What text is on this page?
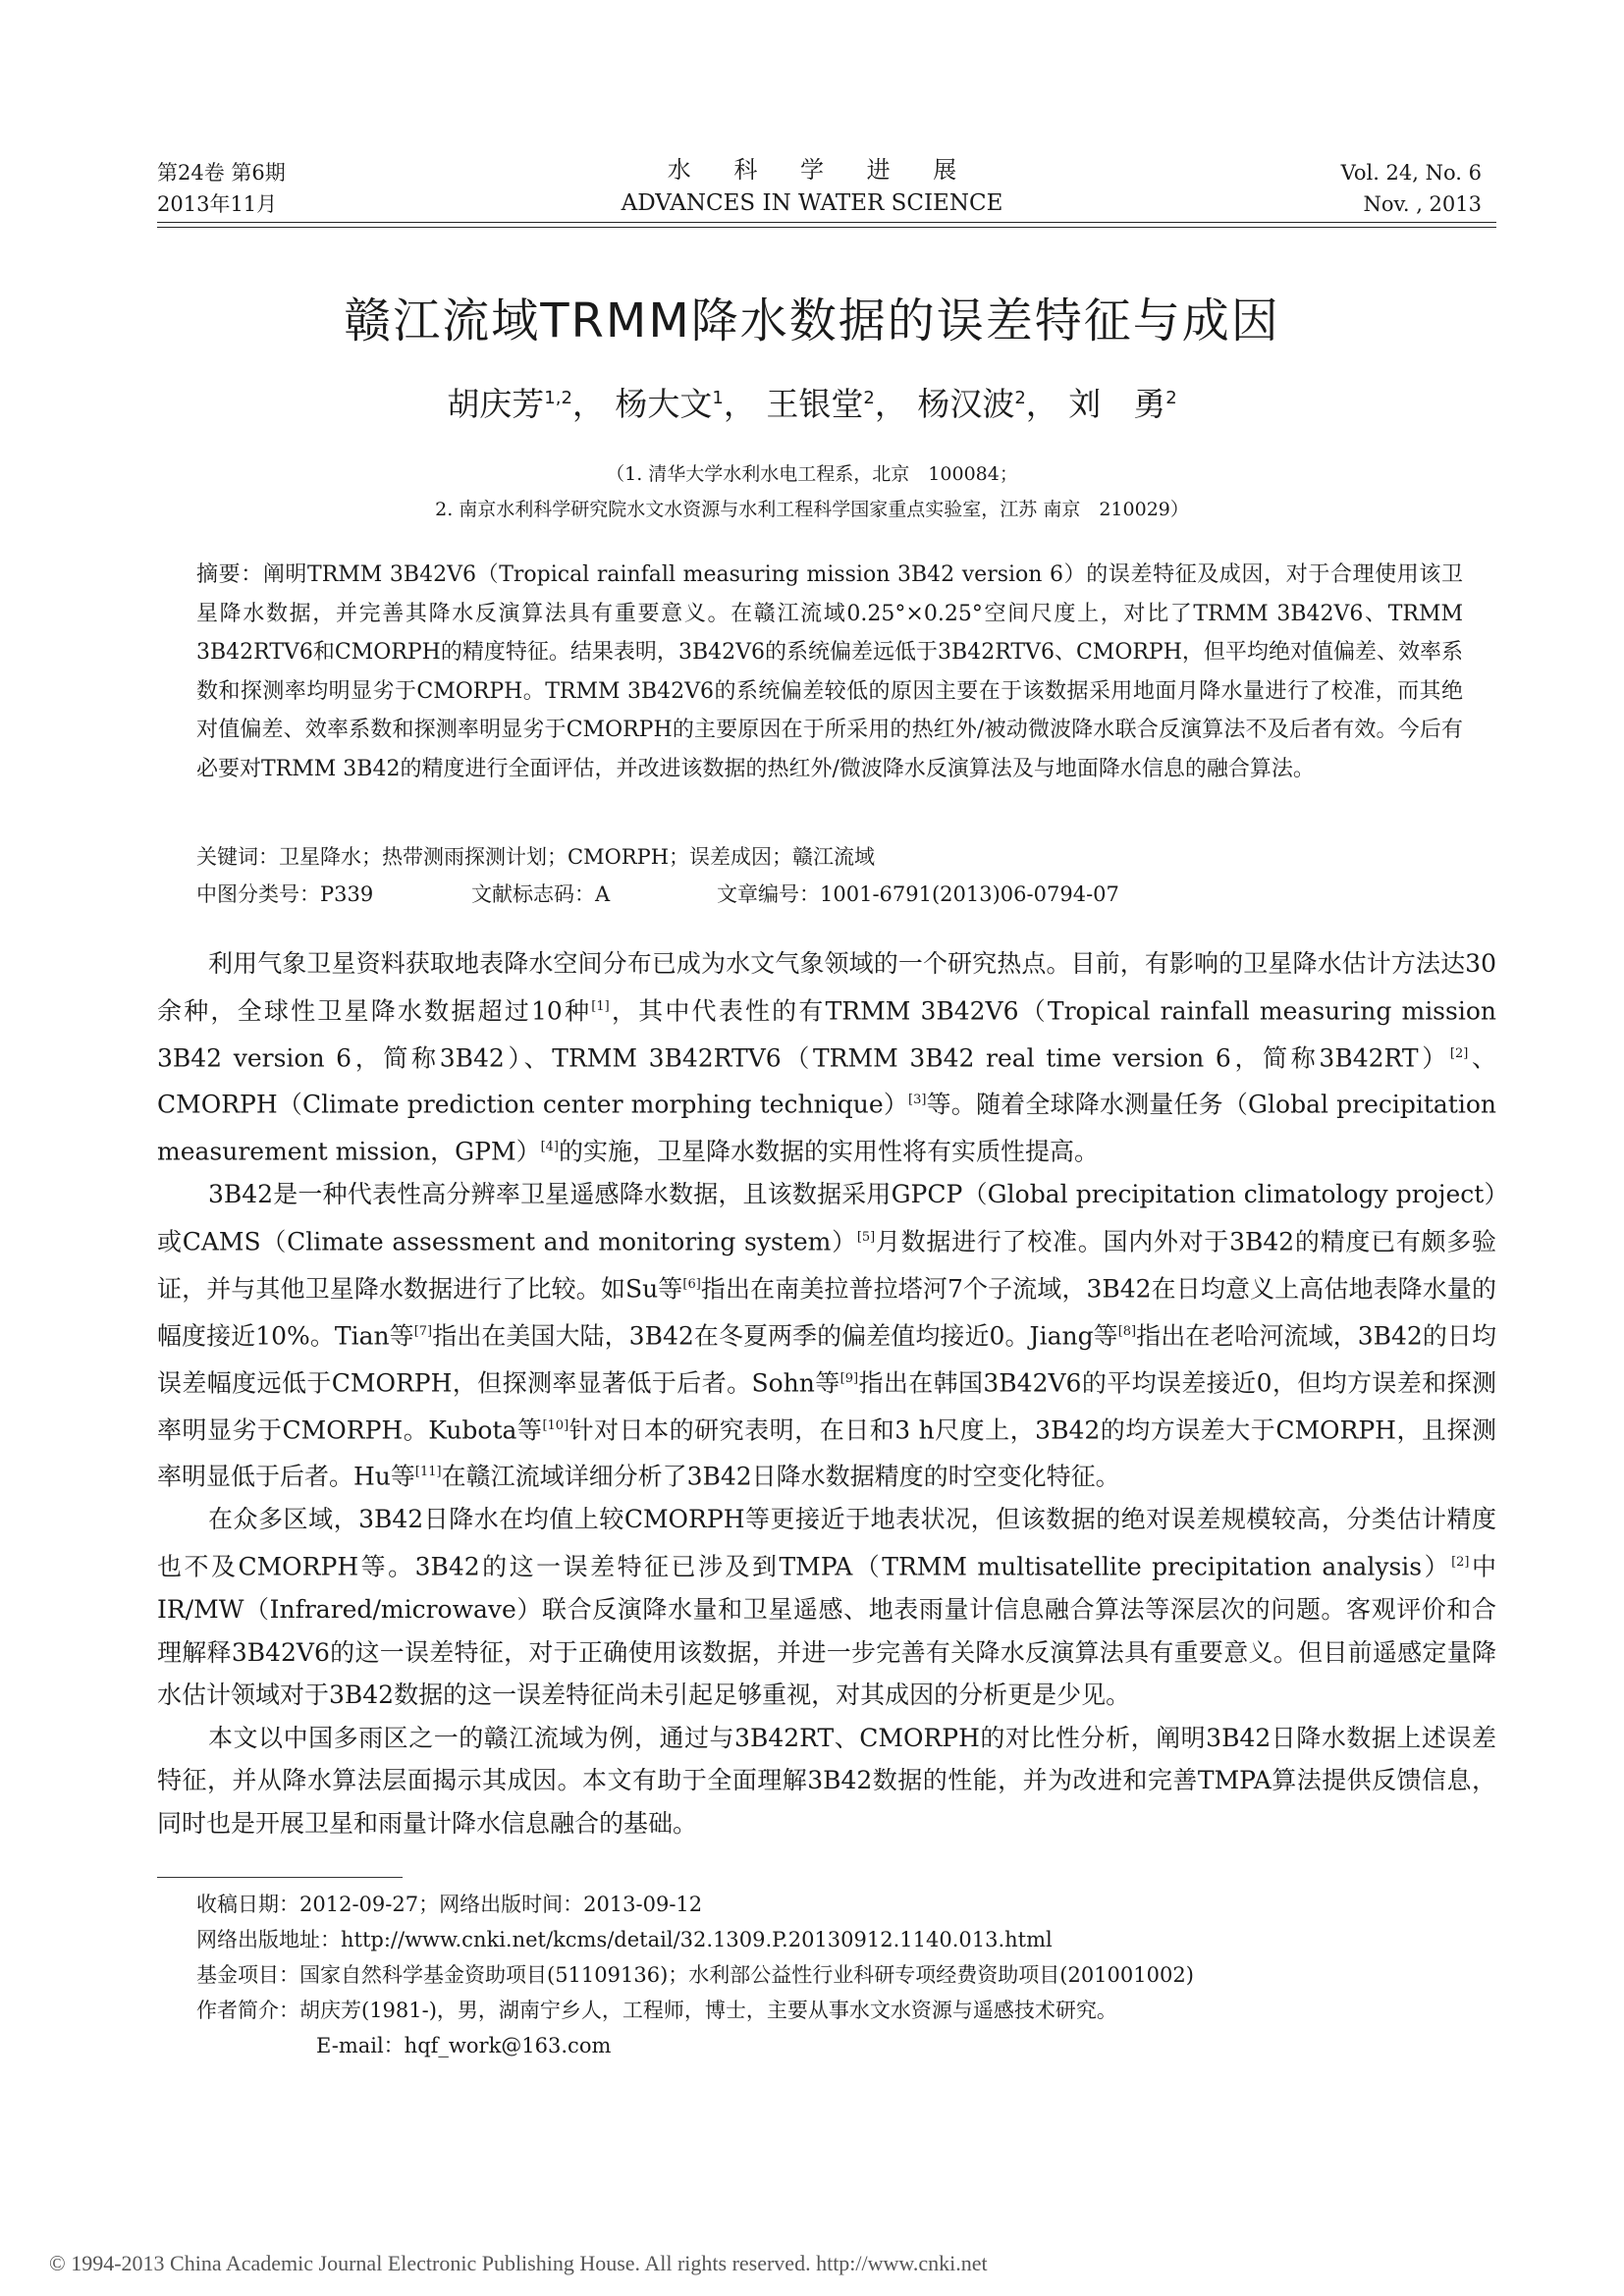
第24卷 第6期
2013年11月
水 科 学 进 展
ADVANCES IN WATER SCIENCE
Vol. 24, No. 6
Nov. , 2013
赣江流域TRMM降水数据的误差特征与成因
胡庆芳$^{1,2}$， 杨大文$^1$， 王银堂$^2$， 杨汉波$^2$， 刘　勇$^2$
（1. 清华大学水利水电工程系，北京　100084；
2. 南京水利科学研究院水文水资源与水利工程科学国家重点实验室，江苏 南京　210029）
摘要：阐明TRMM 3B42V6（Tropical rainfall measuring mission 3B42 version 6）的误差特征及成因，对于合理使用该卫星降水数据，并完善其降水反演算法具有重要意义。在赣江流域0.25°×0.25°空间尺度上，对比了TRMM 3B42V6、TRMM 3B42RTV6和CMORPH的精度特征。结果表明，3B42V6的系统偏差远低于3B42RTV6、CMORPH，但平均绝对值偏差、效率系数和探测率均明显劣于CMORPH。TRMM 3B42V6的系统偏差较低的原因主要在于该数据采用地面月降水量进行了校准，而其绝对值偏差、效率系数和探测率明显劣于CMORPH的主要原因在于所采用的热红外/被动微波降水联合反演算法不及后者有效。今后有必要对TRMM 3B42的精度进行全面评估，并改进该数据的热红外/微波降水反演算法及与地面降水信息的融合算法。
关键词：卫星降水；热带测雨探测计划；CMORPH；误差成因；赣江流域
中图分类号：P339	文献标志码：A	文章编号：1001-6791(2013)06-0794-07

利用气象卫星资料获取地表降水空间分布已成为水文气象领域的一个研究热点。目前，有影响的卫星降水估计方法达30余种，全球性卫星降水数据超过10种[1]，其中代表性的有TRMM 3B42V6（Tropical rainfall measuring mission 3B42 version 6，简称3B42）、TRMM 3B42RTV6（TRMM 3B42 real time version 6，简称3B42RT）[2]、CMORPH（Climate prediction center morphing technique）[3]等。随着全球降水测量任务（Global precipitation measurement mission，GPM）[4]的实施，卫星降水数据的实用性将有实质性提高。

3B42是一种代表性高分辨率卫星遥感降水数据，且该数据采用GPCP（Global precipitation climatology project）或CAMS（Climate assessment and monitoring system）[5]月数据进行了校准。国内外对于3B42的精度已有颇多验证，并与其他卫星降水数据进行了比较。如Su等[6]指出在南美拉普拉塔河7个子流域，3B42在日均意义上高估地表降水量的幅度接近10%。Tian等[7]指出在美国大陆，3B42在冬夏两季的偏差值均接近0。Jiang等[8]指出在老哈河流域，3B42的日均误差幅度远低于CMORPH，但探测率显著低于后者。Sohn等[9]指出在韩国3B42V6的平均误差接近0，但均方误差和探测率明显劣于CMORPH。Kubota等[10]针对日本的研究表明，在日和3 h尺度上，3B42的均方误差大于CMORPH，且探测率明显低于后者。Hu等[11]在赣江流域详细分析了3B42日降水数据精度的时空变化特征。

在众多区域，3B42日降水在均值上较CMORPH等更接近于地表状况，但该数据的绝对误差规模较高，分类估计精度也不及CMORPH等。3B42的这一误差特征已涉及到TMPA（TRMM multisatellite precipitation analysis）[2]中IR/MW（Infrared/microwave）联合反演降水量和卫星遥感、地表雨量计信息融合算法等深层次的问题。客观评价和合理解释3B42V6的这一误差特征，对于正确使用该数据，并进一步完善有关降水反演算法具有重要意义。但目前遥感定量降水估计领域对于3B42数据的这一误差特征尚未引起足够重视，对其成因的分析更是少见。

本文以中国多雨区之一的赣江流域为例，通过与3B42RT、CMORPH的对比性分析，阐明3B42日降水数据上述误差特征，并从降水算法层面揭示其成因。本文有助于全面理解3B42数据的性能，并为改进和完善TMPA算法提供反馈信息，同时也是开展卫星和雨量计降水信息融合的基础。

收稿日期：2012-09-27；网络出版时间：2013-09-12
网络出版地址：http://www.cnki.net/kcms/detail/32.1309.P.20130912.1140.013.html
基金项目：国家自然科学基金资助项目(51109136)；水利部公益性行业科研专项经费资助项目(201001002)
作者简介：胡庆芳(1981-)，男，湖南宁乡人，工程师，博士，主要从事水文水资源与遥感技术研究。
E-mail：hqf_work@163.com
© 1994-2013 China Academic Journal Electronic Publishing House. All rights reserved. http://www.cnki.net
